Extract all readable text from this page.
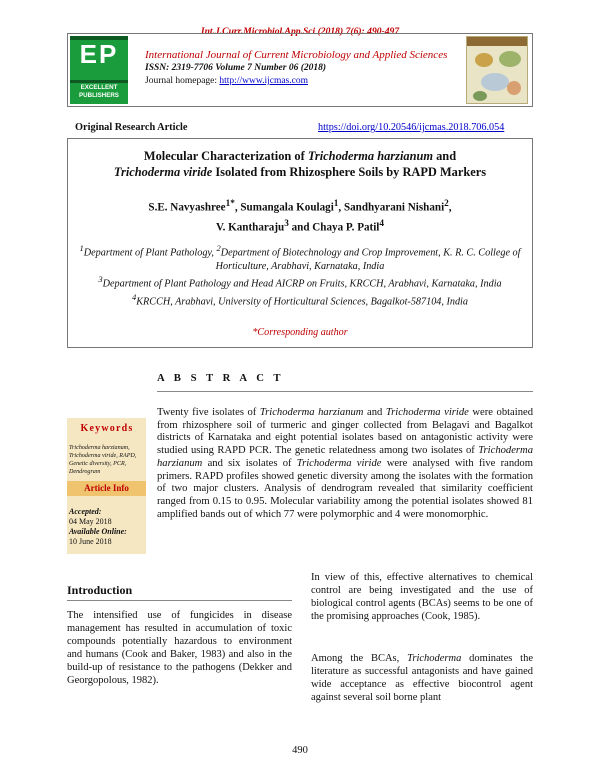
Int.J.Curr.Microbiol.App.Sci (2018) 7(6): 490-497
EP
EXCELLENT PUBLISHERS
International Journal of Current Microbiology and Applied Sciences
ISSN: 2319-7706 Volume 7 Number 06 (2018)
Journal homepage: http://www.ijcmas.com
Original Research Article	https://doi.org/10.20546/ijcmas.2018.706.054
Molecular Characterization of Trichoderma harzianum and
Trichoderma viride Isolated from Rhizosphere Soils by RAPD Markers
S.E. Navyashree$^{1*}$, Sumangala Koulagi$^1$, Sandhyarani Nishani$^2$,
V. Kantharaju$^3$ and Chaya P. Patil$^4$
$^1$Department of Plant Pathology, $^2$Department of Biotechnology and Crop Improvement, K. R. C. College of Horticulture, Arabhavi, Karnataka, India
$^3$Department of Plant Pathology and Head AICRP on Fruits, KRCCH, Arabhavi, Karnataka, India
$^4$KRCCH, Arabhavi, University of Horticultural Sciences, Bagalkot-587104, India
*Corresponding author
A B S T R A C T
Keywords
Trichoderma harzianum, Trichoderma viride, RAPD, Genetic diversity, PCR, Dendrogram
Article Info
Accepted:
04 May 2018
Available Online:
10 June 2018
Twenty five isolates of Trichoderma harzianum and Trichoderma viride were obtained from rhizosphere soil of turmeric and ginger collected from Belagavi and Bagalkot districts of Karnataka and eight potential isolates based on antagonistic activity were studied using RAPD PCR. The genetic relatedness among two isolates of Trichoderma harzianum and six isolates of Trichoderma viride were analysed with five random primers. RAPD profiles showed genetic diversity among the isolates with the formation of two major clusters. Analysis of dendrogram revealed that similarity coefficient ranged from 0.15 to 0.95. Molecular variability among the potential isolates showed 81 amplified bands out of which 77 were polymorphic and 4 were monomorphic.
Introduction
The intensified use of fungicides in disease management has resulted in accumulation of toxic compounds potentially hazardous to environment and humans (Cook and Baker, 1983) and also in the build-up of resistance to the pathogens (Dekker and Georgopolous, 1982).
In view of this, effective alternatives to chemical control are being investigated and the use of biological control agents (BCAs) seems to be one of the promising approaches (Cook, 1985).
Among the BCAs, Trichoderma dominates the literature as successful antagonists and have gained wide acceptance as effective biocontrol agent against several soil borne plant
490
